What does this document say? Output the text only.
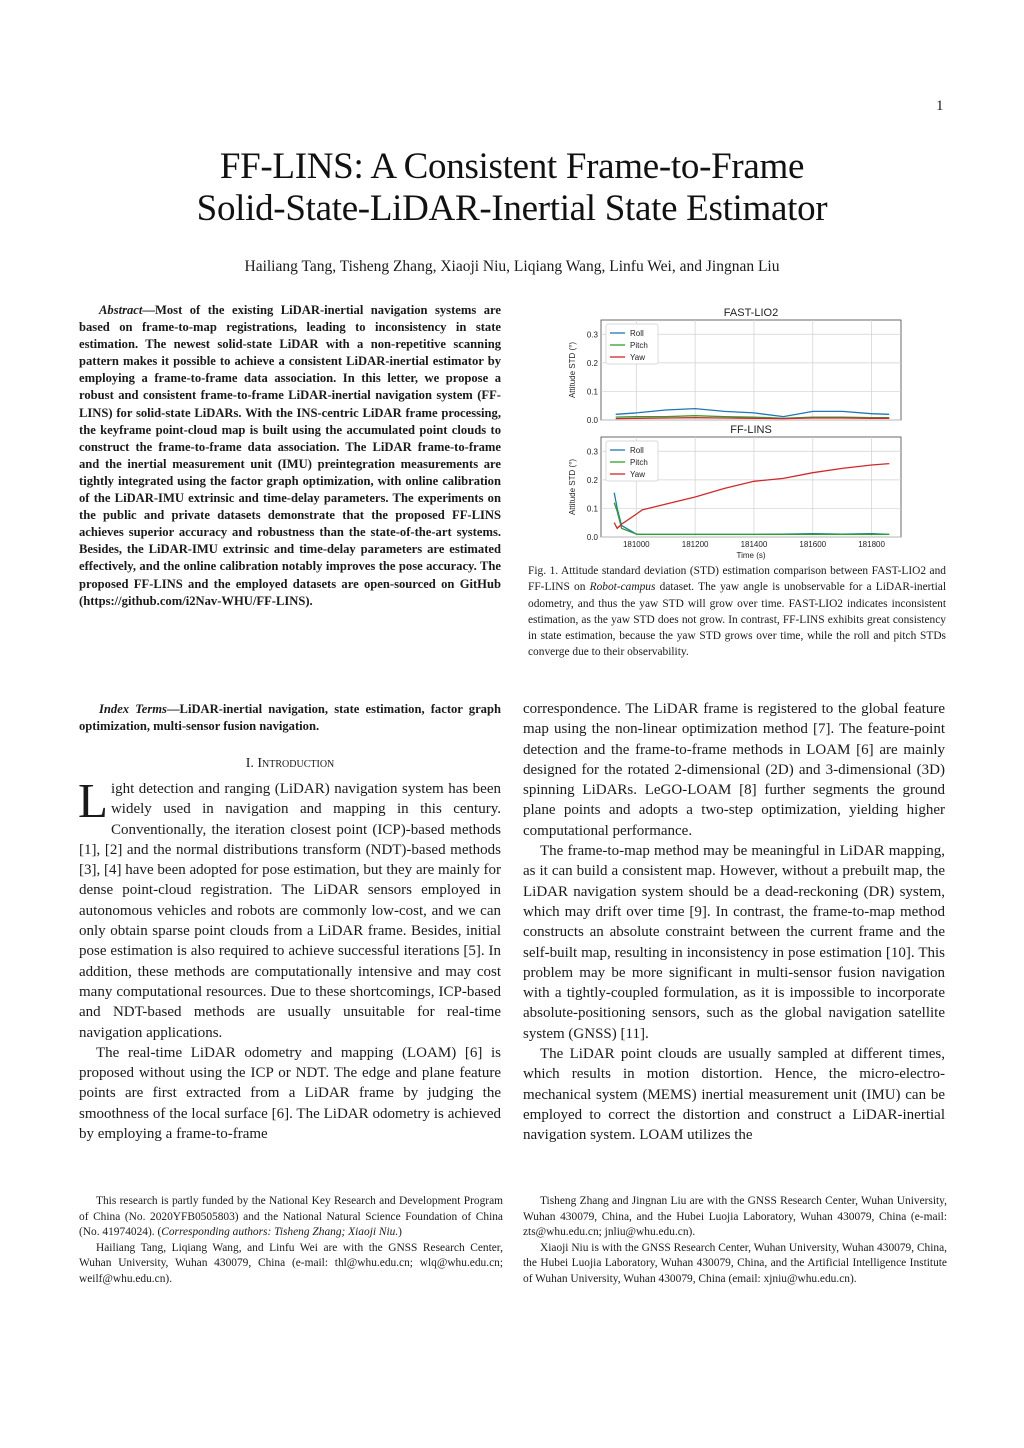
1
FF-LINS: A Consistent Frame-to-Frame
Solid-State-LiDAR-Inertial State Estimator
Hailiang Tang, Tisheng Zhang, Xiaoji Niu, Liqiang Wang, Linfu Wei, and Jingnan Liu
Abstract—Most of the existing LiDAR-inertial navigation systems are based on frame-to-map registrations, leading to inconsistency in state estimation. The newest solid-state LiDAR with a non-repetitive scanning pattern makes it possible to achieve a consistent LiDAR-inertial estimator by employing a frame-to-frame data association. In this letter, we propose a robust and consistent frame-to-frame LiDAR-inertial navigation system (FF-LINS) for solid-state LiDARs. With the INS-centric LiDAR frame processing, the keyframe point-cloud map is built using the accumulated point clouds to construct the frame-to-frame data association. The LiDAR frame-to-frame and the inertial measurement unit (IMU) preintegration measurements are tightly integrated using the factor graph optimization, with online calibration of the LiDAR-IMU extrinsic and time-delay parameters. The experiments on the public and private datasets demonstrate that the proposed FF-LINS achieves superior accuracy and robustness than the state-of-the-art systems. Besides, the LiDAR-IMU extrinsic and time-delay parameters are estimated effectively, and the online calibration notably improves the pose accuracy. The proposed FF-LINS and the employed datasets are open-sourced on GitHub (https://github.com/i2Nav-WHU/FF-LINS).
Index Terms—LiDAR-inertial navigation, state estimation, factor graph optimization, multi-sensor fusion navigation.
I. Introduction

Light detection and ranging (LiDAR) navigation system has been widely used in navigation and mapping in this century. Conventionally, the iteration closest point (ICP)-based methods [1], [2] and the normal distributions transform (NDT)-based methods [3], [4] have been adopted for pose estimation, but they are mainly for dense point-cloud registration. The LiDAR sensors employed in autonomous vehicles and robots are commonly low-cost, and we can only obtain sparse point clouds from a LiDAR frame. Besides, initial pose estimation is also required to achieve successful iterations [5]. In addition, these methods are computationally intensive and may cost many computational resources. Due to these shortcomings, ICP-based and NDT-based methods are usually unsuitable for real-time navigation applications.

The real-time LiDAR odometry and mapping (LOAM) [6] is proposed without using the ICP or NDT. The edge and plane feature points are first extracted from a LiDAR frame by judging the smoothness of the local surface [6]. The LiDAR odometry is achieved by employing a frame-to-frame

correspondence. The LiDAR frame is registered to the global feature map using the non-linear optimization method [7]. The feature-point detection and the frame-to-frame methods in LOAM [6] are mainly designed for the rotated 2-dimensional (2D) and 3-dimensional (3D) spinning LiDARs. LeGO-LOAM [8] further segments the ground plane points and adopts a two-step optimization, yielding higher computational performance.

The frame-to-map method may be meaningful in LiDAR mapping, as it can build a consistent map. However, without a prebuilt map, the LiDAR navigation system should be a dead-reckoning (DR) system, which may drift over time [9]. In contrast, the frame-to-map method constructs an absolute constraint between the current frame and the self-built map, resulting in inconsistency in pose estimation [10]. This problem may be more significant in multi-sensor fusion navigation with a tightly-coupled formulation, as it is impossible to incorporate absolute-positioning sensors, such as the global navigation satellite system (GNSS) [11].

The LiDAR point clouds are usually sampled at different times, which results in motion distortion. Hence, the micro-electro-mechanical system (MEMS) inertial measurement unit (IMU) can be employed to correct the distortion and construct a LiDAR-inertial navigation system. LOAM utilizes the

FAST-LIO2
0.0
0.1
0.2
0.3
Attitude STD (°)
Roll
Pitch
Yaw
FF-LINS
0.0
0.1
0.2
0.3
Attitude STD (°)
Roll
Pitch
Yaw
181000	181200	181400	181600	181800
Time (s)
Fig. 1. Attitude standard deviation (STD) estimation comparison between FAST-LIO2 and FF-LINS on Robot-campus dataset. The yaw angle is unobservable for a LiDAR-inertial odometry, and thus the yaw STD will grow over time. FAST-LIO2 indicates inconsistent estimation, as the yaw STD does not grow. In contrast, FF-LINS exhibits great consistency in state estimation, because the yaw STD grows over time, while the roll and pitch STDs converge due to their observability.

This research is partly funded by the National Key Research and Development Program of China (No. 2020YFB0505803) and the National Natural Science Foundation of China (No. 41974024). (Corresponding authors: Tisheng Zhang; Xiaoji Niu.)

Hailiang Tang, Liqiang Wang, and Linfu Wei are with the GNSS Research Center, Wuhan University, Wuhan 430079, China (e-mail: thl@whu.edu.cn; wlq@whu.edu.cn; weilf@whu.edu.cn).

Tisheng Zhang and Jingnan Liu are with the GNSS Research Center, Wuhan University, Wuhan 430079, China, and the Hubei Luojia Laboratory, Wuhan 430079, China (e-mail: zts@whu.edu.cn; jnliu@whu.edu.cn).

Xiaoji Niu is with the GNSS Research Center, Wuhan University, Wuhan 430079, China, the Hubei Luojia Laboratory, Wuhan 430079, China, and the Artificial Intelligence Institute of Wuhan University, Wuhan 430079, China (email: xjniu@whu.edu.cn).
